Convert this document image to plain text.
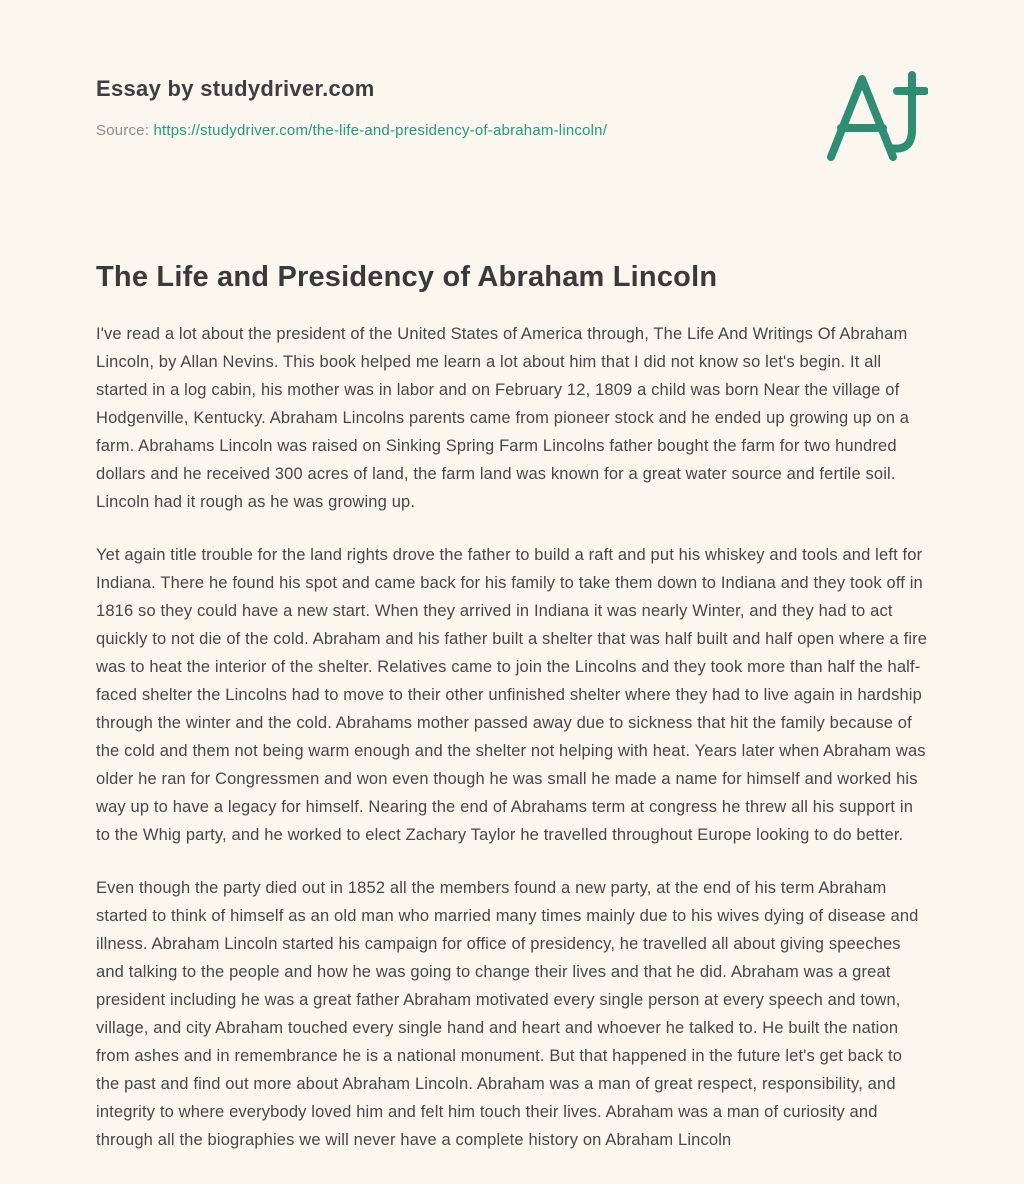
Essay by studydriver.com
Source: https://studydriver.com/the-life-and-presidency-of-abraham-lincoln/
The Life and Presidency of Abraham Lincoln

I've read a lot about the president of the United States of America through, The Life And Writings Of Abraham Lincoln, by Allan Nevins. This book helped me learn a lot about him that I did not know so let's begin. It all started in a log cabin, his mother was in labor and on February 12, 1809 a child was born Near the village of Hodgenville, Kentucky. Abraham Lincolns parents came from pioneer stock and he ended up growing up on a farm. Abrahams Lincoln was raised on Sinking Spring Farm Lincolns father bought the farm for two hundred dollars and he received 300 acres of land, the farm land was known for a great water source and fertile soil. Lincoln had it rough as he was growing up.

Yet again title trouble for the land rights drove the father to build a raft and put his whiskey and tools and left for Indiana. There he found his spot and came back for his family to take them down to Indiana and they took off in 1816 so they could have a new start. When they arrived in Indiana it was nearly Winter, and they had to act quickly to not die of the cold. Abraham and his father built a shelter that was half built and half open where a fire was to heat the interior of the shelter. Relatives came to join the Lincolns and they took more than half the half-faced shelter the Lincolns had to move to their other unfinished shelter where they had to live again in hardship through the winter and the cold. Abrahams mother passed away due to sickness that hit the family because of the cold and them not being warm enough and the shelter not helping with heat. Years later when Abraham was older he ran for Congressmen and won even though he was small he made a name for himself and worked his way up to have a legacy for himself. Nearing the end of Abrahams term at congress he threw all his support in to the Whig party, and he worked to elect Zachary Taylor he travelled throughout Europe looking to do better.

Even though the party died out in 1852 all the members found a new party, at the end of his term Abraham started to think of himself as an old man who married many times mainly due to his wives dying of disease and illness. Abraham Lincoln started his campaign for office of presidency, he travelled all about giving speeches and talking to the people and how he was going to change their lives and that he did. Abraham was a great president including he was a great father Abraham motivated every single person at every speech and town, village, and city Abraham touched every single hand and heart and whoever he talked to. He built the nation from ashes and in remembrance he is a national monument. But that happened in the future let's get back to the past and find out more about Abraham Lincoln. Abraham was a man of great respect, responsibility, and integrity to where everybody loved him and felt him touch their lives. Abraham was a man of curiosity and through all the biographies we will never have a complete history on Abraham Lincoln
